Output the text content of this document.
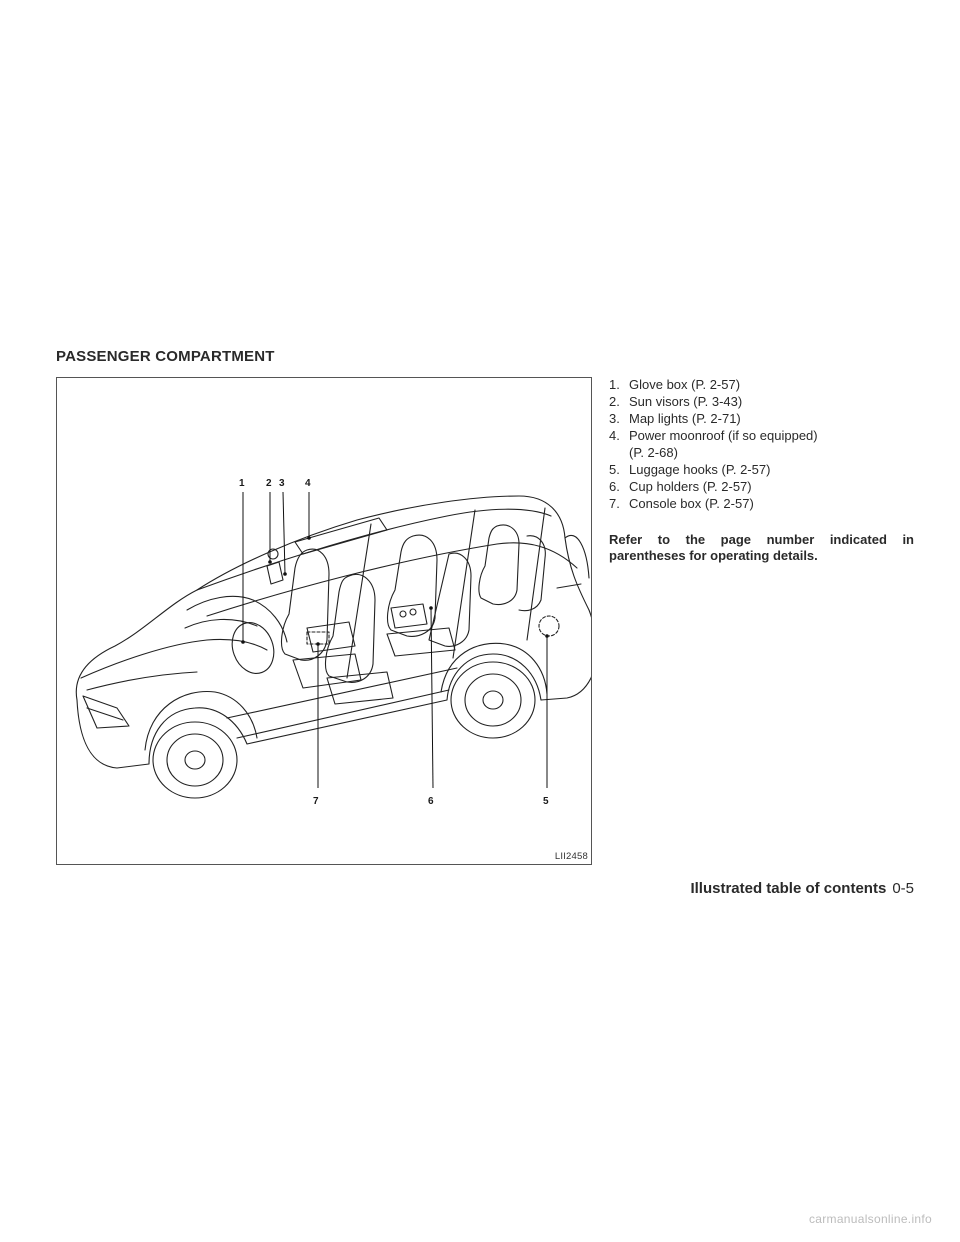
PASSENGER COMPARTMENT
1 2 3 4
5
6
7
LII2458
1. Glove box (P. 2-57)
2. Sun visors (P. 3-43)
3. Map lights (P. 2-71)
4. Power moonroof (if so equipped)
(P. 2-68)
5. Luggage hooks (P. 2-57)
6. Cup holders (P. 2-57)
7. Console box (P. 2-57)

Refer to the page number indicated in parentheses for operating details.

Illustrated table of contents 0-5
carmanualsonline.info
